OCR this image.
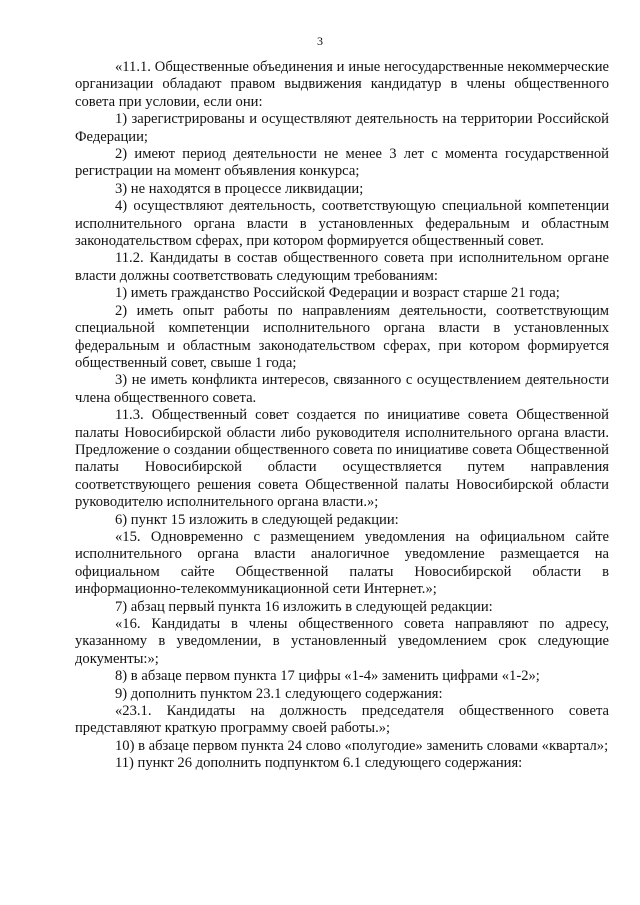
3

«11.1. Общественные объединения и иные негосударственные некоммерческие организации обладают правом выдвижения кандидатур в члены общественного совета при условии, если они:

1) зарегистрированы и осуществляют деятельность на территории Российской Федерации;

2) имеют период деятельности не менее 3 лет с момента государственной регистрации на момент объявления конкурса;

3) не находятся в процессе ликвидации;

4) осуществляют деятельность, соответствующую специальной компетенции исполнительного органа власти в установленных федеральным и областным законодательством сферах, при котором формируется общественный совет.

11.2. Кандидаты в состав общественного совета при исполнительном органе власти должны соответствовать следующим требованиям:

1) иметь гражданство Российской Федерации и возраст старше 21 года;

2) иметь опыт работы по направлениям деятельности, соответствующим специальной компетенции исполнительного органа власти в установленных федеральным и областным законодательством сферах, при котором формируется общественный совет, свыше 1 года;

3) не иметь конфликта интересов, связанного с осуществлением деятельности члена общественного совета.

11.3. Общественный совет создается по инициативе совета Общественной палаты Новосибирской области либо руководителя исполнительного органа власти. Предложение о создании общественного совета по инициативе совета Общественной палаты Новосибирской области осуществляется путем направления соответствующего решения совета Общественной палаты Новосибирской области руководителю исполнительного органа власти.»;

6) пункт 15 изложить в следующей редакции:

«15. Одновременно с размещением уведомления на официальном сайте исполнительного органа власти аналогичное уведомление размещается на официальном сайте Общественной палаты Новосибирской области в информационно-телекоммуникационной сети Интернет.»;

7) абзац первый пункта 16 изложить в следующей редакции:

«16. Кандидаты в члены общественного совета направляют по адресу, указанному в уведомлении, в установленный уведомлением срок следующие документы:»;

8) в абзаце первом пункта 17 цифры «1-4» заменить цифрами «1-2»;

9) дополнить пунктом 23.1 следующего содержания:

«23.1. Кандидаты на должность председателя общественного совета представляют краткую программу своей работы.»;

10) в абзаце первом пункта 24 слово «полугодие» заменить словами «квартал»;

11) пункт 26 дополнить подпунктом 6.1 следующего содержания:
